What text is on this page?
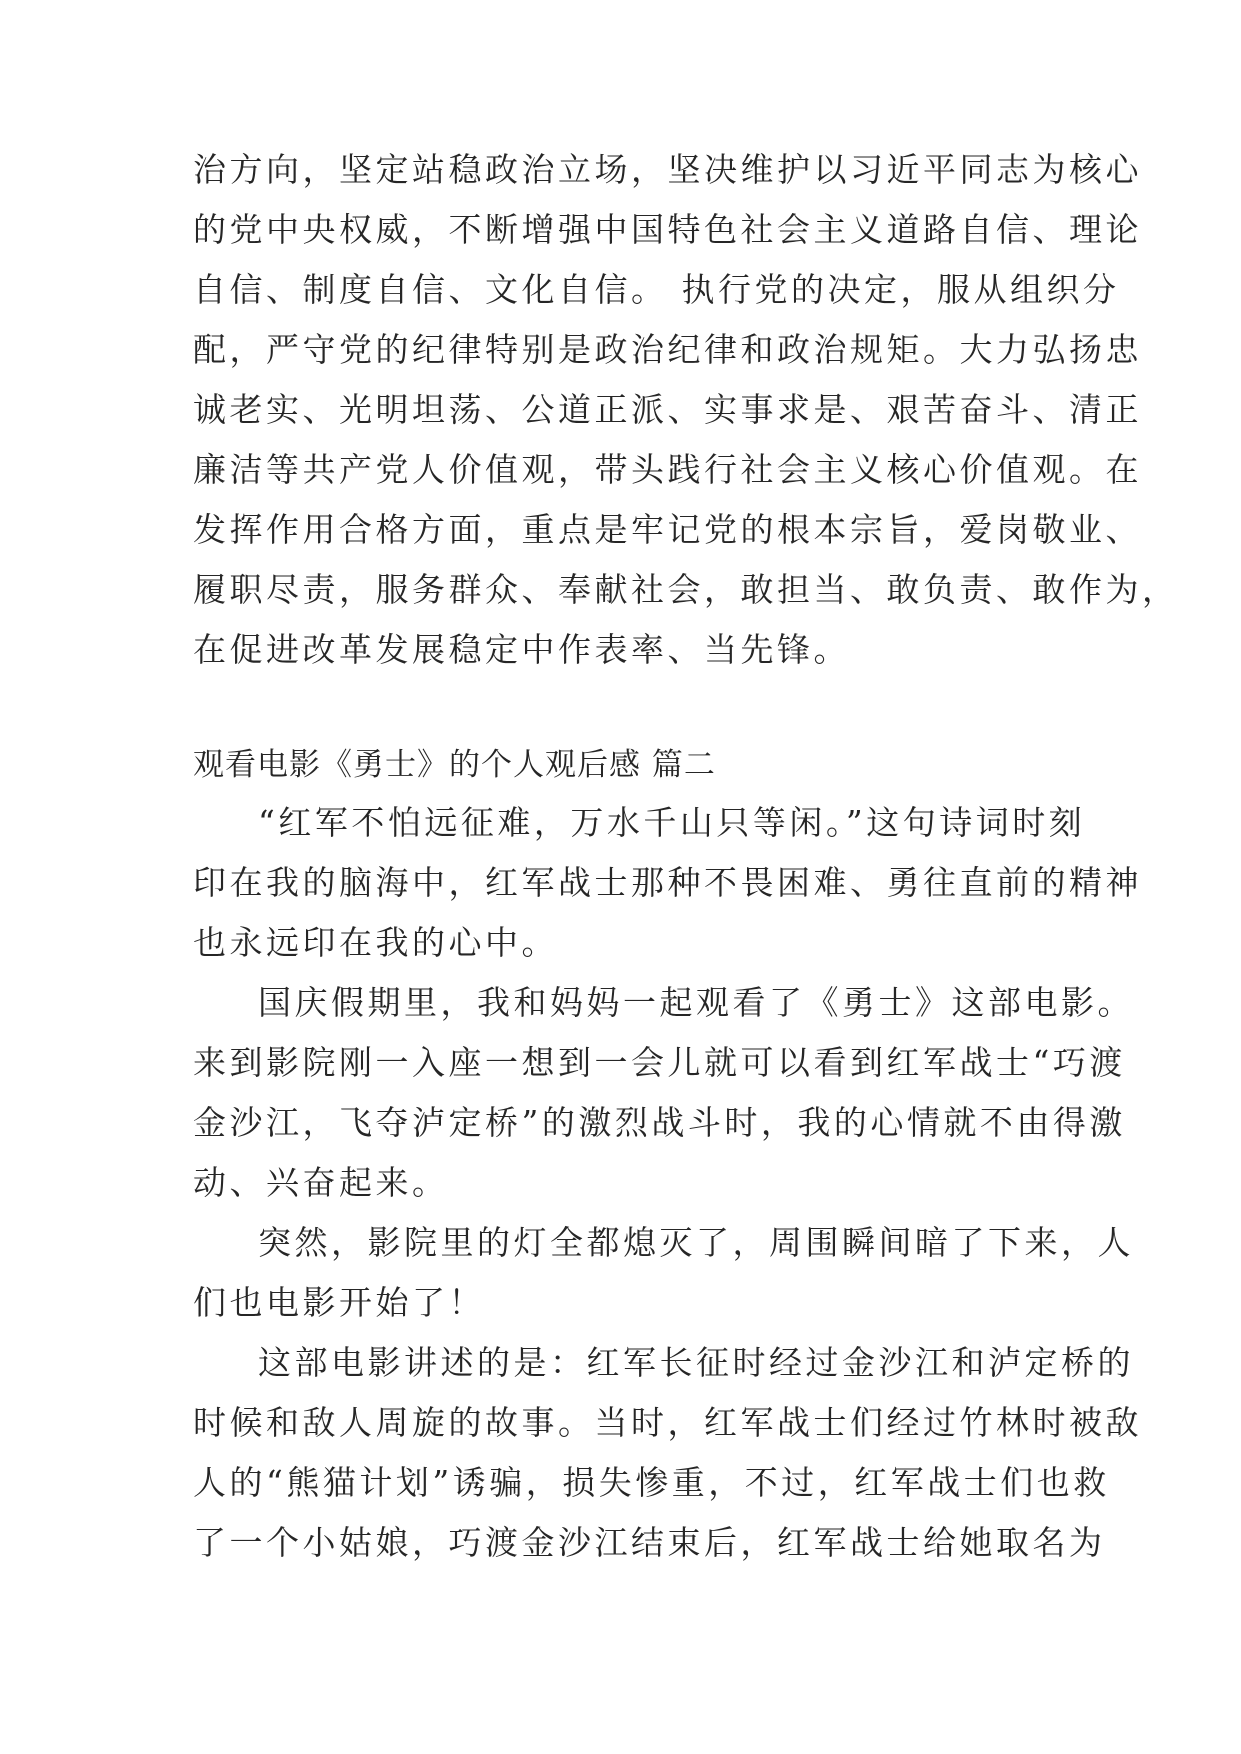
治方向，坚定站稳政治立场，坚决维护以习近平同志为核心
的党中央权威，不断增强中国特色社会主义道路自信、理论
自信、制度自信、文化自信。 执行党的决定，服从组织分
配，严守党的纪律特别是政治纪律和政治规矩。大力弘扬忠
诚老实、光明坦荡、公道正派、实事求是、艰苦奋斗、清正
廉洁等共产党人价值观，带头践行社会主义核心价值观。在
发挥作用合格方面，重点是牢记党的根本宗旨，爱岗敬业、
履职尽责，服务群众、奉献社会，敢担当、敢负责、敢作为，
在促进改革发展稳定中作表率、当先锋。
观看电影《勇士》的个人观后感 篇二
“红军不怕远征难，万水千山只等闲。”这句诗词时刻
印在我的脑海中，红军战士那种不畏困难、勇往直前的精神
也永远印在我的心中。
国庆假期里，我和妈妈一起观看了《勇士》这部电影。
来到影院刚一入座一想到一会儿就可以看到红军战士“巧渡
金沙江，飞夺泸定桥”的激烈战斗时，我的心情就不由得激
动、兴奋起来。
突然，影院里的灯全都熄灭了，周围瞬间暗了下来，人
们也电影开始了！
这部电影讲述的是：红军长征时经过金沙江和泸定桥的
时候和敌人周旋的故事。当时，红军战士们经过竹林时被敌
人的“熊猫计划”诱骗，损失惨重，不过，红军战士们也救
了一个小姑娘，巧渡金沙江结束后，红军战士给她取名为
